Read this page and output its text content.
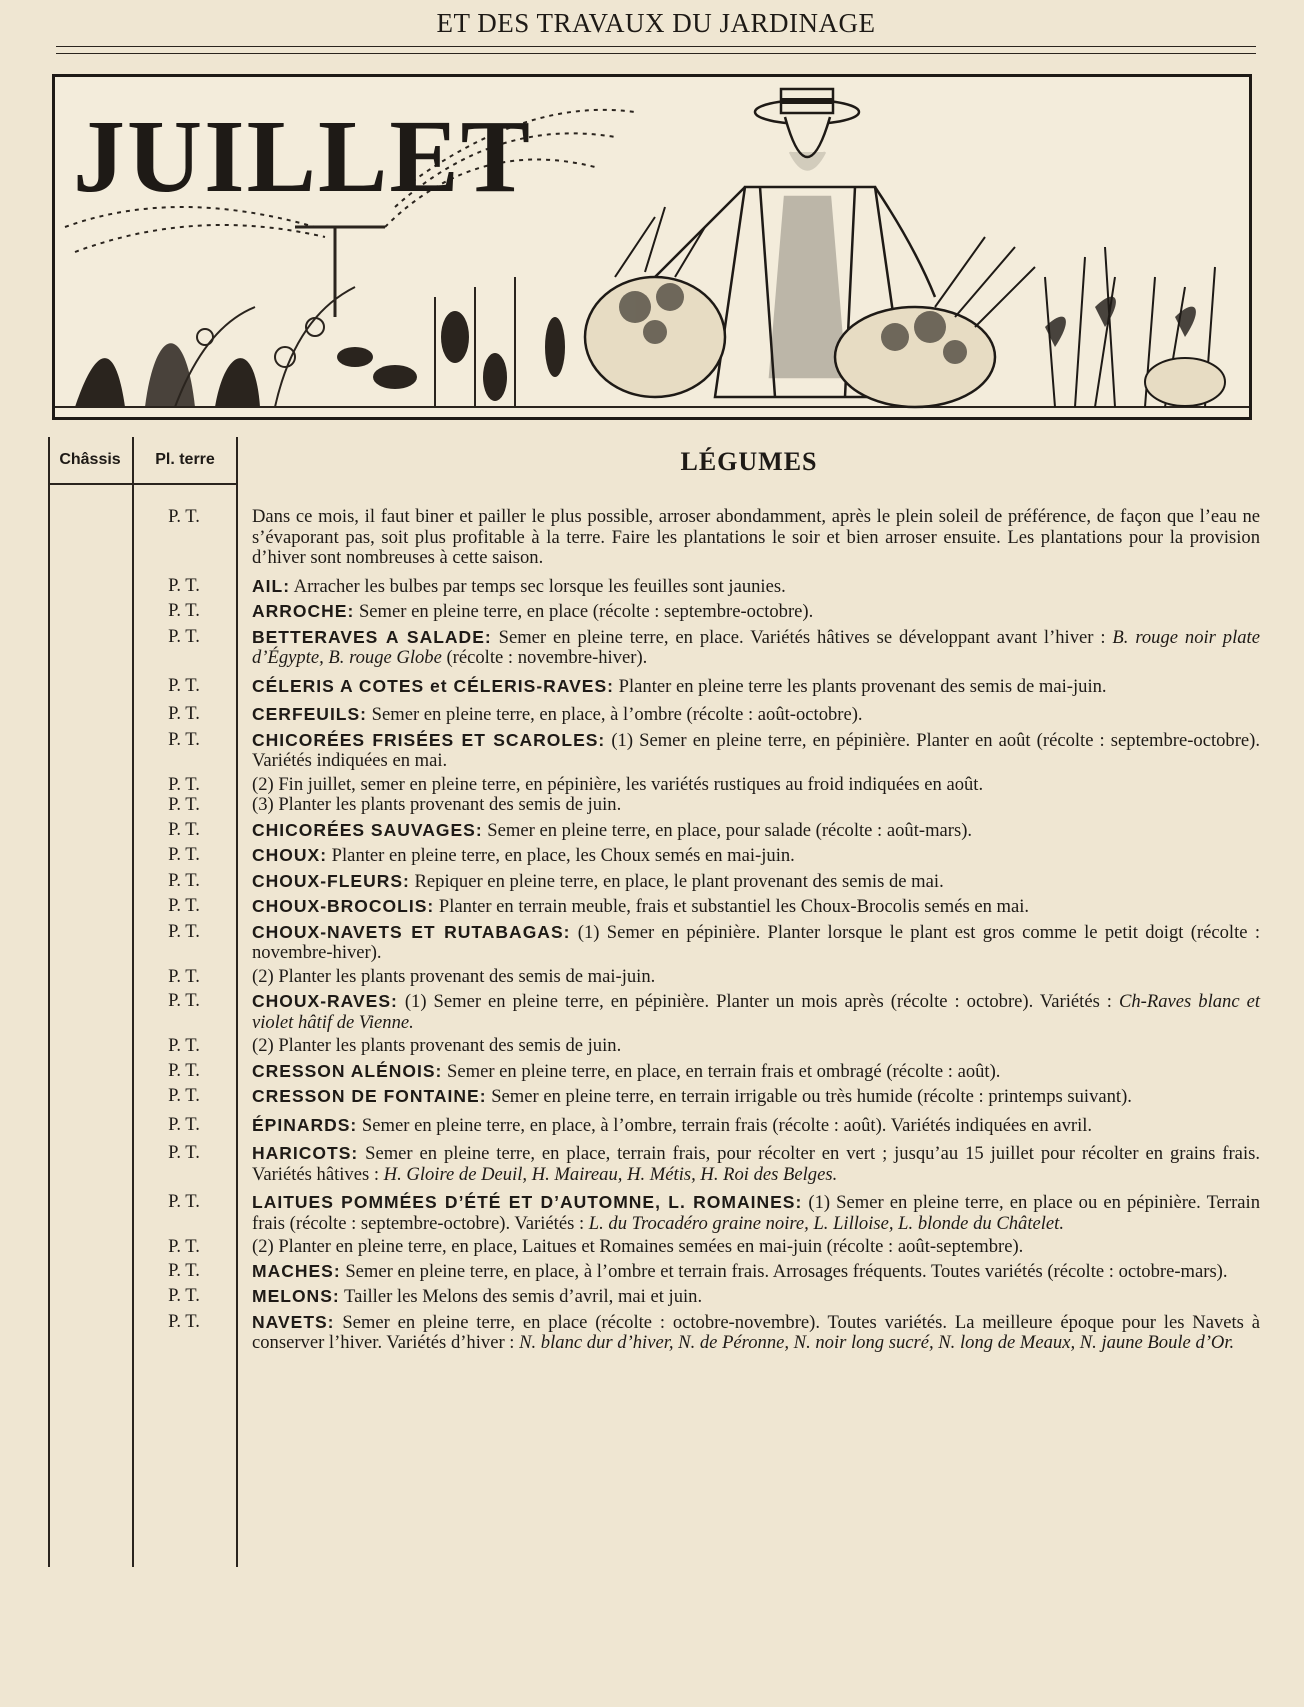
ET DES TRAVAUX DU JARDINAGE
JUILLET
Châssis	Pl. terre	LÉGUMES
P. T.	Dans ce mois, il faut biner et pailler le plus possible, arroser abondamment, après le plein soleil de préférence, de façon que l’eau ne s’évaporant pas, soit plus profitable à la terre. Faire les plantations le soir et bien arroser ensuite. Les plantations pour la provision d’hiver sont nombreuses à cette saison.
P. T.	AIL: Arracher les bulbes par temps sec lorsque les feuilles sont jaunies.
P. T.	ARROCHE: Semer en pleine terre, en place (récolte : septembre-octobre).
P. T.	BETTERAVES A SALADE: Semer en pleine terre, en place. Variétés hâtives se développant avant l’hiver : B. rouge noir plate d’Égypte, B. rouge Globe (récolte : novembre-hiver).
P. T.	CÉLERIS A COTES et CÉLERIS-RAVES: Planter en pleine terre les plants provenant des semis de mai-juin.
P. T.	CERFEUILS: Semer en pleine terre, en place, à l’ombre (récolte : août-octobre).
P. T.	CHICORÉES FRISÉES ET SCAROLES: (1) Semer en pleine terre, en pépinière. Planter en août (récolte : septembre-octobre). Variétés indiquées en mai.
P. T.	(2) Fin juillet, semer en pleine terre, en pépinière, les variétés rustiques au froid indiquées en août.
P. T.	(3) Planter les plants provenant des semis de juin.
P. T.	CHICORÉES SAUVAGES: Semer en pleine terre, en place, pour salade (récolte : août-mars).
P. T.	CHOUX: Planter en pleine terre, en place, les Choux semés en mai-juin.
P. T.	CHOUX-FLEURS: Repiquer en pleine terre, en place, le plant provenant des semis de mai.
P. T.	CHOUX-BROCOLIS: Planter en terrain meuble, frais et substantiel les Choux-Brocolis semés en mai.
P. T.	CHOUX-NAVETS ET RUTABAGAS: (1) Semer en pépinière. Planter lorsque le plant est gros comme le petit doigt (récolte : novembre-hiver).
P. T.	(2) Planter les plants provenant des semis de mai-juin.
P. T.	CHOUX-RAVES: (1) Semer en pleine terre, en pépinière. Planter un mois après (récolte : octobre). Variétés : Ch-Raves blanc et violet hâtif de Vienne.
P. T.	(2) Planter les plants provenant des semis de juin.
P. T.	CRESSON ALÉNOIS: Semer en pleine terre, en place, en terrain frais et ombragé (récolte : août).
P. T.	CRESSON DE FONTAINE: Semer en pleine terre, en terrain irrigable ou très humide (récolte : printemps suivant).
P. T.	ÉPINARDS: Semer en pleine terre, en place, à l’ombre, terrain frais (récolte : août). Variétés indiquées en avril.
P. T.	HARICOTS: Semer en pleine terre, en place, terrain frais, pour récolter en vert ; jusqu’au 15 juillet pour récolter en grains frais. Variétés hâtives : H. Gloire de Deuil, H. Maireau, H. Métis, H. Roi des Belges.
P. T.	LAITUES POMMÉES D’ÉTÉ ET D’AUTOMNE, L. ROMAINES: (1) Semer en pleine terre, en place ou en pépinière. Terrain frais (récolte : septembre-octobre). Variétés : L. du Trocadéro graine noire, L. Lilloise, L. blonde du Châtelet.
P. T.	(2) Planter en pleine terre, en place, Laitues et Romaines semées en mai-juin (récolte : août-septembre).
P. T.	MACHES: Semer en pleine terre, en place, à l’ombre et terrain frais. Arrosages fréquents. Toutes variétés (récolte : octobre-mars).
P. T.	MELONS: Tailler les Melons des semis d’avril, mai et juin.
P. T.	NAVETS: Semer en pleine terre, en place (récolte : octobre-novembre). Toutes variétés. La meilleure époque pour les Navets à conserver l’hiver. Variétés d’hiver : N. blanc dur d’hiver, N. de Péronne, N. noir long sucré, N. long de Meaux, N. jaune Boule d’Or.
